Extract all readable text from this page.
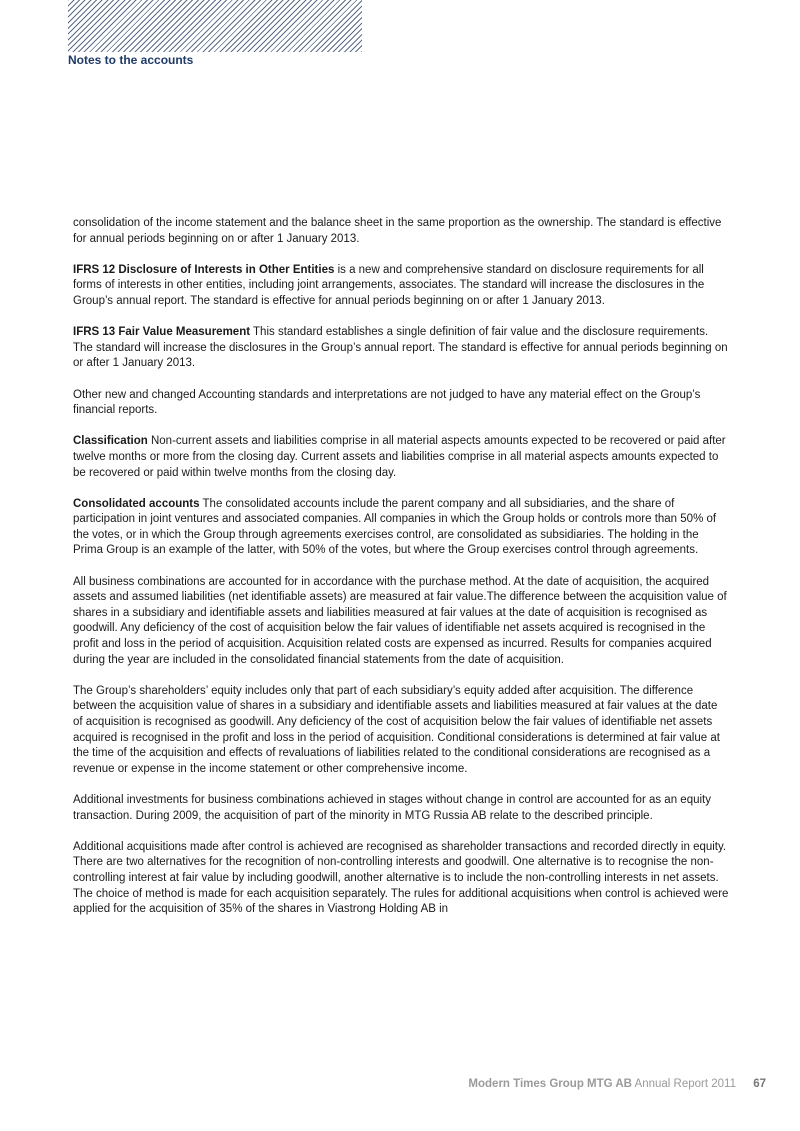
Notes to the accounts

consolidation of the income statement and the balance sheet in the same proportion as the ownership. The standard is effective for annual periods beginning on or after 1 January 2013.

IFRS 12 Disclosure of Interests in Other Entities is a new and comprehensive standard on disclosure requirements for all forms of interests in other entities, including joint arrangements, associates. The standard will increase the disclosures in the Group’s annual report. The standard is effective for annual periods beginning on or after 1 January 2013.

IFRS 13 Fair Value Measurement This standard establishes a single definition of fair value and the disclosure requirements. The standard will increase the disclosures in the Group’s annual report. The standard is effective for annual periods beginning on or after 1 January 2013.

Other new and changed Accounting standards and interpretations are not judged to have any material effect on the Group’s financial reports.

Classification Non-current assets and liabilities comprise in all material aspects amounts expected to be recovered or paid after twelve months or more from the closing day. Current assets and liabilities comprise in all material aspects amounts expected to be recovered or paid within twelve months from the closing day.

Consolidated accounts The consolidated accounts include the parent company and all subsidiaries, and the share of participation in joint ventures and associated companies. All companies in which the Group holds or controls more than 50% of the votes, or in which the Group through agreements exercises control, are consolidated as subsidiaries. The holding in the Prima Group is an example of the latter, with 50% of the votes, but where the Group exercises control through agreements.

All business combinations are accounted for in accordance with the purchase method. At the date of acquisition, the acquired assets and assumed liabilities (net identifiable assets) are measured at fair value.The difference between the acquisition value of shares in a subsidiary and identifiable assets and liabilities measured at fair values at the date of acquisition is recognised as goodwill. Any deficiency of the cost of acquisition below the fair values of identifiable net assets acquired is recognised in the profit and loss in the period of acquisition. Acquisition related costs are expensed as incurred. Results for companies acquired during the year are included in the consolidated financial statements from the date of acquisition.

The Group’s shareholders’ equity includes only that part of each subsidiary’s equity added after acquisition. The difference between the acquisition value of shares in a subsidiary and identifiable assets and liabilities measured at fair values at the date of acquisition is recognised as goodwill. Any deficiency of the cost of acquisition below the fair values of identifiable net assets acquired is recognised in the profit and loss in the period of acquisition. Conditional considerations is determined at fair value at the time of the acquisition and effects of revaluations of liabilities related to the conditional considerations are recognised as a revenue or expense in the income statement or other comprehensive income.

Additional investments for business combinations achieved in stages without change in control are accounted for as an equity transaction. During 2009, the acquisition of part of the minority in MTG Russia AB relate to the described principle.

Additional acquisitions made after control is achieved are recognised as shareholder transactions and recorded directly in equity. There are two alternatives for the recognition of non-controlling interests and goodwill. One alternative is to recognise the non-controlling interest at fair value by including goodwill, another alternative is to include the non-controlling interests in net assets. The choice of method is made for each acquisition separately. The rules for additional acquisitions when control is achieved were applied for the acquisition of 35% of the shares in Viastrong Holding AB in

Modern Times Group MTG AB Annual Report 2011 67
